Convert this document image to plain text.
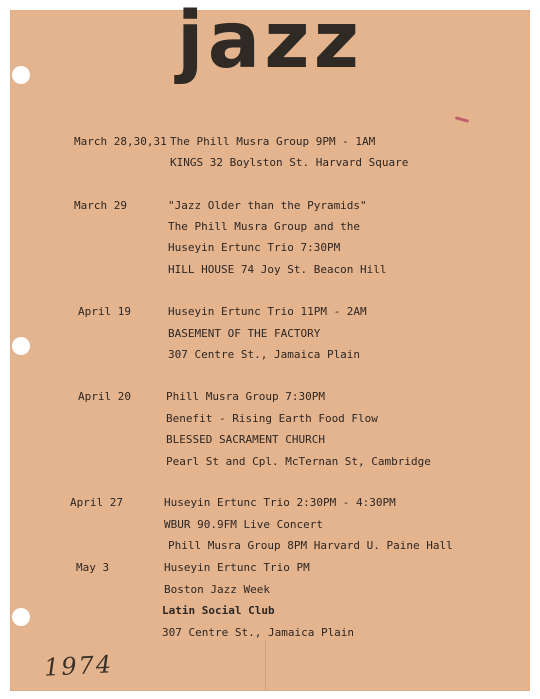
jazz
March 28,30,31 The Phill Musra Group 9PM - 1AM
KINGS 32 Boylston St. Harvard Square
March 29	"Jazz Older than the Pyramids"
The Phill Musra Group and the
Huseyin Ertunc Trio 7:30PM
HILL HOUSE 74 Joy St. Beacon Hill
April 19	Huseyin Ertunc Trio 11PM - 2AM
BASEMENT OF THE FACTORY
307 Centre St., Jamaica Plain
April 20	Phill Musra Group 7:30PM
Benefit - Rising Earth Food Flow
BLESSED SACRAMENT CHURCH
Pearl St and Cpl. McTernan St, Cambridge
April 27	Huseyin Ertunc Trio 2:30PM - 4:30PM
WBUR 90.9FM Live Concert
Phill Musra Group 8PM Harvard U. Paine Hall
May 3	Huseyin Ertunc Trio PM
Boston Jazz Week
Latin Social Club
307 Centre St., Jamaica Plain
1974
